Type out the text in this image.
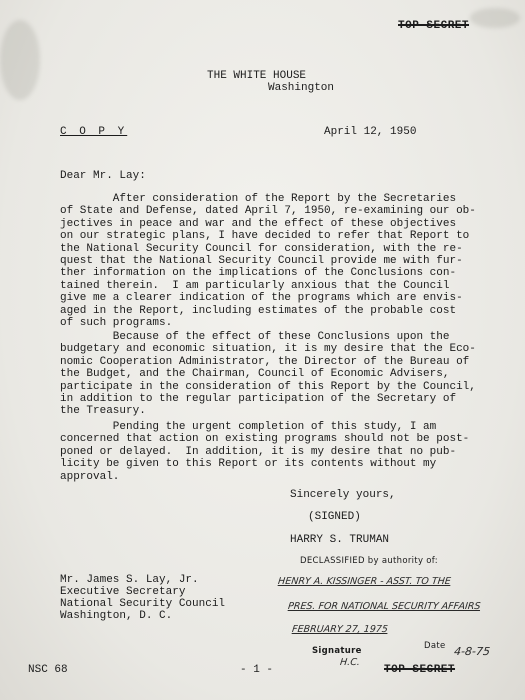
TOP SECRET
THE WHITE HOUSE
Washington
C O P Y	April 12, 1950
Dear Mr. Lay:
After consideration of the Report by the Secretaries
of State and Defense, dated April 7, 1950, re-examining our ob-
jectives in peace and war and the effect of these objectives
on our strategic plans, I have decided to refer that Report to
the National Security Council for consideration, with the re-
quest that the National Security Council provide me with fur-
ther information on the implications of the Conclusions con-
tained therein.  I am particularly anxious that the Council
give me a clearer indication of the programs which are envis-
aged in the Report, including estimates of the probable cost
of such programs.
Because of the effect of these Conclusions upon the
budgetary and economic situation, it is my desire that the Eco-
nomic Cooperation Administrator, the Director of the Bureau of
the Budget, and the Chairman, Council of Economic Advisers,
participate in the consideration of this Report by the Council,
in addition to the regular participation of the Secretary of
the Treasury.
Pending the urgent completion of this study, I am
concerned that action on existing programs should not be post-
poned or delayed.  In addition, it is my desire that no pub-
licity be given to this Report or its contents without my
approval.
Sincerely yours,
(SIGNED)
HARRY S. TRUMAN
DECLASSIFIED by authority of:
Mr. James S. Lay, Jr.
Executive Secretary
National Security Council
Washington, D. C.
HENRY A. KISSINGER - ASST. TO THE
PRES. FOR NATIONAL SECURITY AFFAIRS
FEBRUARY 27, 1975
Signature
H.C.
Date 4-8-75
NSC 68	- 1 -	TOP SECRET
